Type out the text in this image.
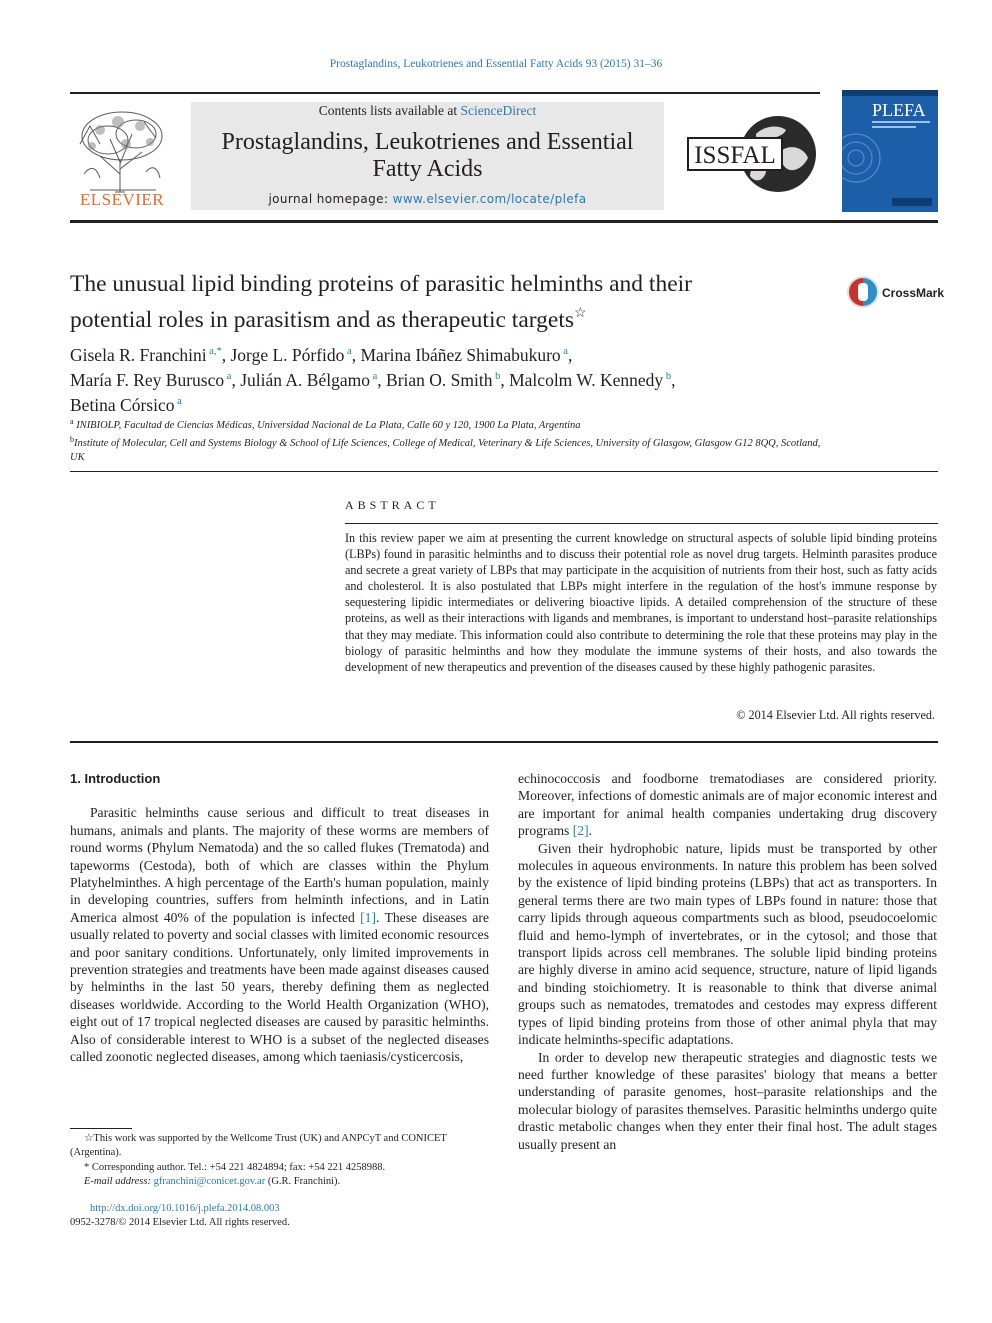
Prostaglandins, Leukotrienes and Essential Fatty Acids 93 (2015) 31–36
ELSEVIER
Contents lists available at ScienceDirect
Prostaglandins, Leukotrienes and Essential
Fatty Acids
journal homepage: www.elsevier.com/locate/plefa
ISSFAL
PLEFA
The unusual lipid binding proteins of parasitic helminths and their
potential roles in parasitism and as therapeutic targets☆
CrossMark
Gisela R. Franchini $^{a,*}$, Jorge L. Pórfido $^a$, Marina Ibáñez Shimabukuro $^a$,
María F. Rey Burusco $^a$, Julián A. Bélgamo $^a$, Brian O. Smith $^b$, Malcolm W. Kennedy $^b$,
Betina Córsico $^a$
$^a$ INIBIOLP, Facultad de Ciencias Médicas, Universidad Nacional de La Plata, Calle 60 y 120, 1900 La Plata, Argentina
$^b$Institute of Molecular, Cell and Systems Biology & School of Life Sciences, College of Medical, Veterinary & Life Sciences, University of Glasgow, Glasgow G12 8QQ, Scotland, UK
ABSTRACT
In this review paper we aim at presenting the current knowledge on structural aspects of soluble lipid binding proteins (LBPs) found in parasitic helminths and to discuss their potential role as novel drug targets. Helminth parasites produce and secrete a great variety of LBPs that may participate in the acquisition of nutrients from their host, such as fatty acids and cholesterol. It is also postulated that LBPs might interfere in the regulation of the host's immune response by sequestering lipidic intermediates or delivering bioactive lipids. A detailed comprehension of the structure of these proteins, as well as their interactions with ligands and membranes, is important to understand host–parasite relationships that they may mediate. This information could also contribute to determining the role that these proteins may play in the biology of parasitic helminths and how they modulate the immune systems of their hosts, and also towards the development of new therapeutics and prevention of the diseases caused by these highly pathogenic parasites.
© 2014 Elsevier Ltd. All rights reserved.
1. Introduction

Parasitic helminths cause serious and difficult to treat diseases in humans, animals and plants. The majority of these worms are members of round worms (Phylum Nematoda) and the so called flukes (Trematoda) and tapeworms (Cestoda), both of which are classes within the Phylum Platyhelminthes. A high percentage of the Earth's human population, mainly in developing countries, suffers from helminth infections, and in Latin America almost 40% of the population is infected [1]. These diseases are usually related to poverty and social classes with limited economic resources and poor sanitary conditions. Unfortunately, only limited improvements in prevention strategies and treatments have been made against diseases caused by helminths in the last 50 years, thereby defining them as neglected diseases worldwide. According to the World Health Organization (WHO), eight out of 17 tropical neglected diseases are caused by parasitic helminths. Also of considerable interest to WHO is a subset of the neglected diseases called zoonotic neglected diseases, among which taeniasis/cysticercosis,

echinococcosis and foodborne trematodiases are considered priority. Moreover, infections of domestic animals are of major economic interest and are important for animal health companies undertaking drug discovery programs [2].

Given their hydrophobic nature, lipids must be transported by other molecules in aqueous environments. In nature this problem has been solved by the existence of lipid binding proteins (LBPs) that act as transporters. In general terms there are two main types of LBPs found in nature: those that carry lipids through aqueous compartments such as blood, pseudocoelomic fluid and hemo-lymph of invertebrates, or in the cytosol; and those that transport lipids across cell membranes. The soluble lipid binding proteins are highly diverse in amino acid sequence, structure, nature of lipid ligands and binding stoichiometry. It is reasonable to think that diverse animal groups such as nematodes, trematodes and cestodes may express different types of lipid binding proteins from those of other animal phyla that may indicate helminths-specific adaptations.

In order to develop new therapeutic strategies and diagnostic tests we need further knowledge of these parasites' biology that means a better understanding of parasite genomes, host–parasite relationships and the molecular biology of parasites themselves. Parasitic helminths undergo quite drastic metabolic changes when they enter their final host. The adult stages usually present an

☆This work was supported by the Wellcome Trust (UK) and ANPCyT and CONICET (Argentina).
* Corresponding author. Tel.: +54 221 4824894; fax: +54 221 4258988.
E-mail address: gfranchini@conicet.gov.ar (G.R. Franchini).
http://dx.doi.org/10.1016/j.plefa.2014.08.003
0952-3278/© 2014 Elsevier Ltd. All rights reserved.
